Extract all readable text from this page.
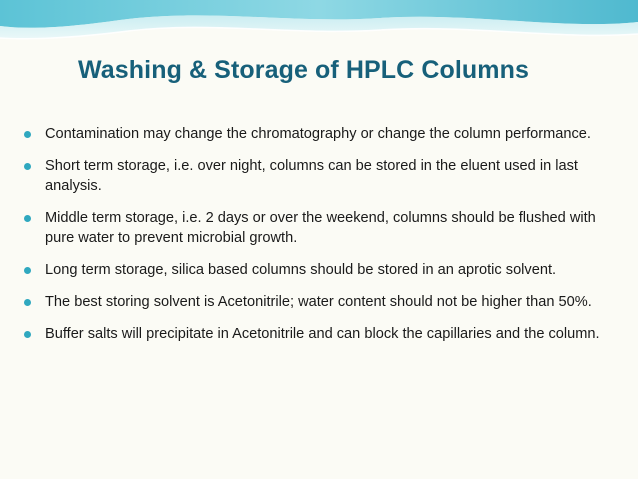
Washing & Storage of HPLC Columns
Contamination may change the chromatography or change the column performance.
Short term storage, i.e. over night, columns can be stored in the eluent used in last analysis.
Middle term storage, i.e. 2 days or over the weekend, columns should be flushed with pure water to prevent microbial growth.
Long term storage, silica based columns should be stored in an aprotic solvent.
The best storing solvent is Acetonitrile; water content should not be higher than 50%.
Buffer salts will precipitate in Acetonitrile and can block the capillaries and the column.
